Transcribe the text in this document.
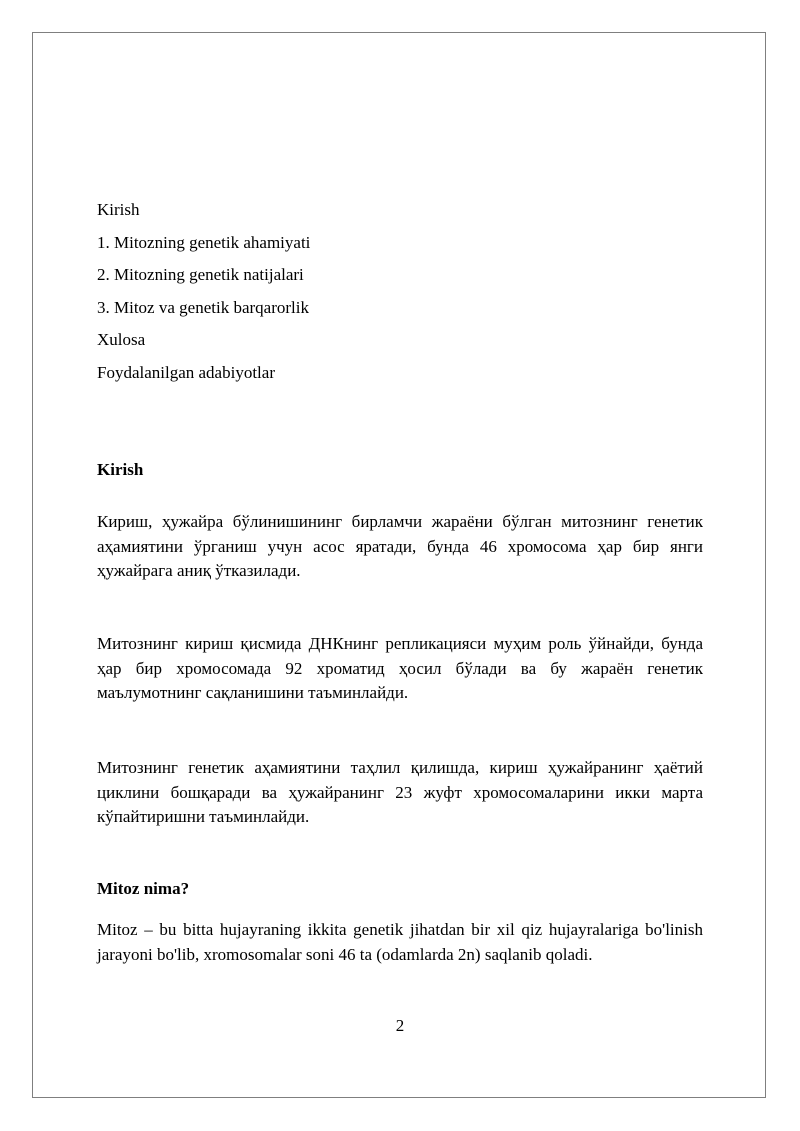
Kirish
1. Mitozning genetik ahamiyati
2. Mitozning genetik natijalari
3. Mitoz va genetik barqarorlik
Xulosa
Foydalanilgan adabiyotlar
Kirish

Кириш, ҳужайра бўлинишининг бирламчи жараёни бўлган митознинг генетик аҳамиятини ўрганиш учун асос яратади, бунда 46 хромосома ҳар бир янги ҳужайрага аниқ ўтказилади.

Митознинг кириш қисмида ДНКнинг репликацияси муҳим роль ўйнайди, бунда ҳар бир хромосомада 92 хроматид ҳосил бўлади ва бу жараён генетик маълумотнинг сақланишини таъминлайди.

Митознинг генетик аҳамиятини таҳлил қилишда, кириш ҳужайранинг ҳаётий циклини бошқаради ва ҳужайранинг 23 жуфт хромосомаларини икки марта кўпайтиришни таъминлайди.

Mitoz nima?

Mitoz – bu bitta hujayraning ikkita genetik jihatdan bir xil qiz hujayralariga bo'linish jarayoni bo'lib, xromosomalar soni 46 ta (odamlarda 2n) saqlanib qoladi.

2
